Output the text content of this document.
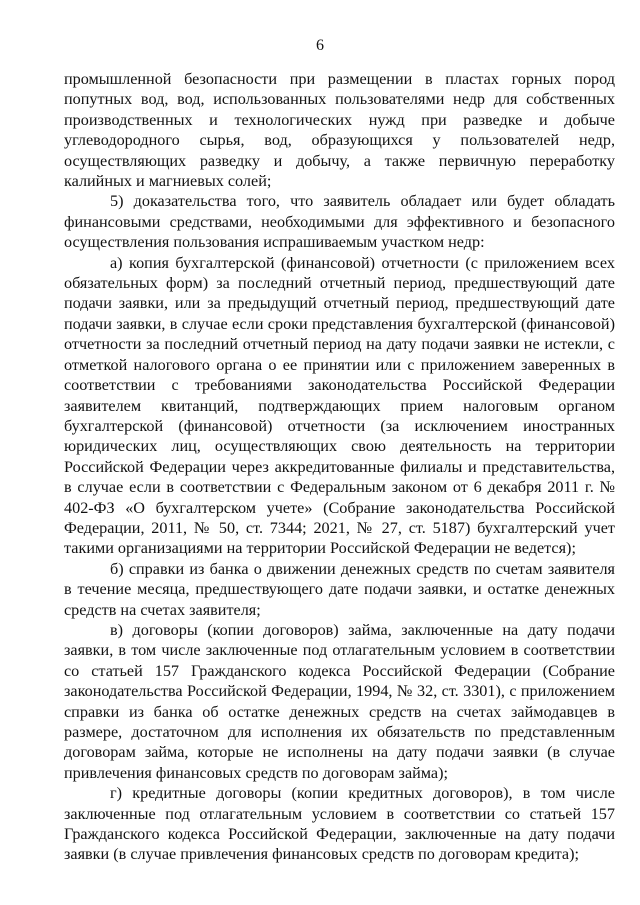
6

промышленной безопасности при размещении в пластах горных пород попутных вод, вод, использованных пользователями недр для собственных производственных и технологических нужд при разведке и добыче углеводородного сырья, вод, образующихся у пользователей недр, осуществляющих разведку и добычу, а также первичную переработку калийных и магниевых солей;

5) доказательства того, что заявитель обладает или будет обладать финансовыми средствами, необходимыми для эффективного и безопасного осуществления пользования испрашиваемым участком недр:

а) копия бухгалтерской (финансовой) отчетности (с приложением всех обязательных форм) за последний отчетный период, предшествующий дате подачи заявки, или за предыдущий отчетный период, предшествующий дате подачи заявки, в случае если сроки представления бухгалтерской (финансовой) отчетности за последний отчетный период на дату подачи заявки не истекли, с отметкой налогового органа о ее принятии или с приложением заверенных в соответствии с требованиями законодательства Российской Федерации заявителем квитанций, подтверждающих прием налоговым органом бухгалтерской (финансовой) отчетности (за исключением иностранных юридических лиц, осуществляющих свою деятельность на территории Российской Федерации через аккредитованные филиалы и представительства, в случае если в соответствии с Федеральным законом от 6 декабря 2011 г. № 402-ФЗ «О бухгалтерском учете» (Собрание законодательства Российской Федерации, 2011, № 50, ст. 7344; 2021, № 27, ст. 5187) бухгалтерский учет такими организациями на территории Российской Федерации не ведется);

б) справки из банка о движении денежных средств по счетам заявителя в течение месяца, предшествующего дате подачи заявки, и остатке денежных средств на счетах заявителя;

в) договоры (копии договоров) займа, заключенные на дату подачи заявки, в том числе заключенные под отлагательным условием в соответствии со статьей 157 Гражданского кодекса Российской Федерации (Собрание законодательства Российской Федерации, 1994, № 32, ст. 3301), с приложением справки из банка об остатке денежных средств на счетах займодавцев в размере, достаточном для исполнения их обязательств по представленным договорам займа, которые не исполнены на дату подачи заявки (в случае привлечения финансовых средств по договорам займа);

г) кредитные договоры (копии кредитных договоров), в том числе заключенные под отлагательным условием в соответствии со статьей 157 Гражданского кодекса Российской Федерации, заключенные на дату подачи заявки (в случае привлечения финансовых средств по договорам кредита);
